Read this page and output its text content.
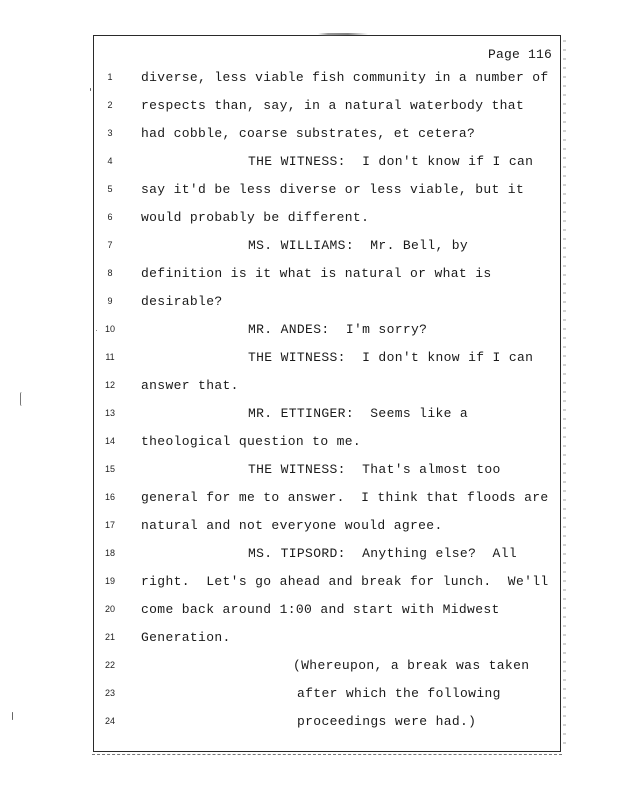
Page 116
1	diverse, less viable fish community in a number of
2	respects than, say, in a natural waterbody that
3	had cobble, coarse substrates, et cetera?
4	THE WITNESS:  I don't know if I can
5	say it'd be less diverse or less viable, but it
6	would probably be different.
7	MS. WILLIAMS:  Mr. Bell, by
8	definition is it what is natural or what is
9	desirable?
10	MR. ANDES:  I'm sorry?
11	THE WITNESS:  I don't know if I can
12	answer that.
13	MR. ETTINGER:  Seems like a
14	theological question to me.
15	THE WITNESS:  That's almost too
16	general for me to answer.  I think that floods are
17	natural and not everyone would agree.
18	MS. TIPSORD:  Anything else?  All
19	right.  Let's go ahead and break for lunch.  We'll
20	come back around 1:00 and start with Midwest
21	Generation.
22	(Whereupon, a break was taken
23	after which the following
24	proceedings were had.)
